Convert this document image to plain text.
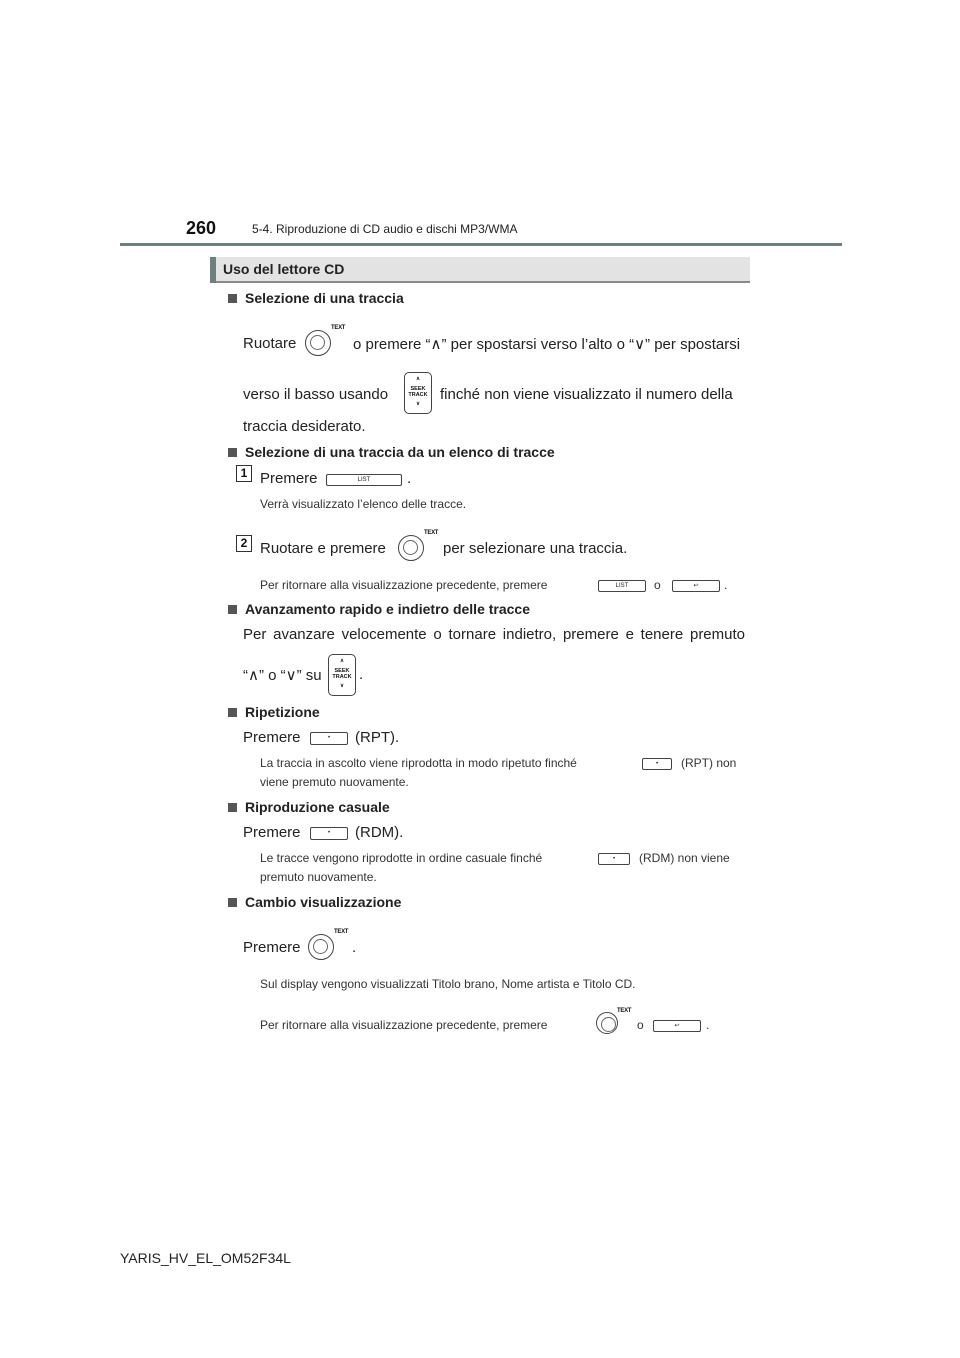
260	5-4. Riproduzione di CD audio e dischi MP3/WMA
Uso del lettore CD
Selezione di una traccia
Ruotare
TEXT
o premere “∧” per spostarsi verso l’alto o “∨” per spostarsi
verso il basso usando
∧
SEEK
TRACK
∨
finché non viene visualizzato il numero della
traccia desiderato.
Selezione di una traccia da un elenco di tracce
1 Premere	LIST	.
Verrà visualizzato l’elenco delle tracce.
2 Ruotare e premere
TEXT
per selezionare una traccia.
Per ritornare alla visualizzazione precedente, premere	LIST	o	↩	.
Avanzamento rapido e indietro delle tracce
Per avanzare velocemente o tornare indietro, premere e tenere premuto
“∧” o “∨” su
∧
SEEK
TRACK
∨
.
Ripetizione
Premere	•	(RPT).
La traccia in ascolto viene riprodotta in modo ripetuto finché	•	(RPT) non
viene premuto nuovamente.
Riproduzione casuale
Premere	•	(RDM).
Le tracce vengono riprodotte in ordine casuale finché	•	(RDM) non viene
premuto nuovamente.
Cambio visualizzazione
Premere
TEXT
.
Sul display vengono visualizzati Titolo brano, Nome artista e Titolo CD.
Per ritornare alla visualizzazione precedente, premere
TEXT
o	↩	.
YARIS_HV_EL_OM52F34L
